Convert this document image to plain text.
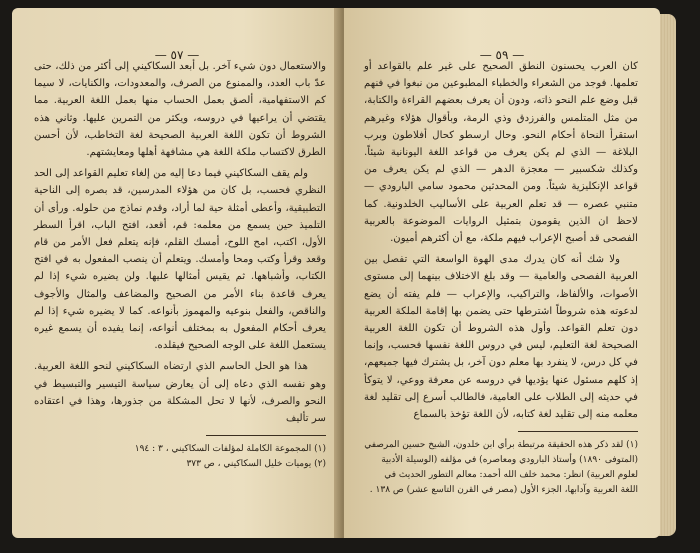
— ٥٧ —

والاستعمال دون شيء آخر. بل أبعد السكاكيني إلى أكثر من ذلك، حتى عدّ باب العدد، والممنوع من الصرف، والمعدودات، والكنايات، لا سيما كم الاستفهامية، ألصق بعمل الحساب منها بعمل اللغة العربية. مما يقتضي أن يراعيها في دروسه، ويكثر من التمرين عليها. وثاني هذه الشروط أن تكون اللغة العربية الصحيحة لغة التخاطب، لأن أحسن الطرق لاكتساب ملكة اللغة هي مشافهة أهلها ومعايشتهم.

ولم يقف السكاكيني فيما دعا إليه من إلغاء تعليم القواعد إلى الحد النظري فحسب، بل كان من هؤلاء المدرسين، قد بصره إلى الناحية التطبيقية، وأعطى أمثلة حية لما أراد، وقدم نماذج من حلوله. ورأى أن التلميذ حين يسمع من معلمه: قم، أقعد، افتح الباب، اقرأ السطر الأول، اكتب، امح اللوح، أمسك القلم، فإنه يتعلم فعل الأمر من قام وقعد وقرأ وكتب ومحا وأمسك. ويتعلم أن ينصب المفعول به في افتح الكتاب، وأشباهها. ثم يقيس أمثالها عليها. ولن يضيره شيء إذا لم يعرف قاعدة بناء الأمر من الصحيح والمضاعف والمثال والأجوف والناقص، والفعل بنوعيه والمهموز بأنواعه. كما لا يضيره شيء إذا لم يعرف أحكام المفعول به بمختلف أنواعه، إنما يفيده أن يسمع غيره يستعمل اللغة على الوجه الصحيح فيقلده.

هذا هو الحل الحاسم الذي ارتضاه السكاكيني لنحو اللغة العربية. وهو نفسه الذي دعاه إلى أن يعارض سياسة التيسير والتبسيط في النحو والصرف، لأنها لا تحل المشكلة من جذورها، وهذا في اعتقاده سر تأليف

(١) المجموعة الكاملة لمؤلفات السكاكيني ، ٣ : ١٩٤
(٢) يوميات خليل السكاكيني ، ص ٣٧٣
— ٥٩ —

كان العرب يحسنون النطق الصحيح على غير علم بالقواعد أو تعلمها. فوجد من الشعراء والخطباء المطبوعين من نبغوا في فنهم قبل وضع علم النحو ذاته، ودون أن يعرف بعضهم القراءة والكتابة، من مثل المتلمس والفرزدق وذي الرمة، وبأقوال هؤلاء وغيرهم استقرأ النحاة أحكام النحو. وحال ارسطو كحال أفلاطون وبرب البلاغة — الذي لم يكن يعرف من قواعد اللغة اليونانية شيئاً. وكذلك شكسبير — معجزة الدهر — الذي لم يكن يعرف من قواعد الإنكليزية شيئاً. ومن المحدثين محمود سامي البارودي — متنبي عصره — قد تعلم العربية على الأساليب الخلدونية. كما لاحظ ان الذين يقومون بتمثيل الروايات الموضوعة بالعربية الفصحى قد أصبح الإعراب فيهم ملكة، مع أن أكثرهم أميون.

ولا شك أنه كان يدرك مدى الهوة الواسعة التي تفصل بين العربية الفصحى والعامية — وقد بلغ الاختلاف بينهما إلى مستوى الأصوات، والألفاظ، والتراكيب، والإعراب — فلم يفته أن يضع لدعوته هذه شروطاً اشترطها حتى يضمن بها إقامة الملكة العربية دون تعلم القواعد. وأول هذه الشروط أن تكون اللغة العربية الصحيحة لغة التعليم، ليس في دروس اللغة نفسها فحسب، وإنما في كل درس، لا ينفرد بها معلم دون آخر، بل يشترك فيها جميعهم، إذ كلهم مسئول عنها يؤديها في دروسه عن معرفة ووعي، لا يتوكأ في حديثه إلى الطلاب على العامية، فالطالب أسرع إلى تقليد لغة معلمه منه إلى تقليد لغة كتابه، لأن اللغة تؤخذ بالسماع

(١) لقد ذكر هذه الحقيقة مرتبطة برأي ابن خلدون، الشيخ حسين المرصفي (المتوفى ١٨٩٠) وأستاذ البارودي ومعاصره) في مؤلفه (الوسيلة الأدبية لعلوم العربية) انظر: محمد خلف الله أحمد: معالم التطور الحديث في اللغة العربية وآدابها، الجزء الأول (مصر في القرن التاسع عشر) ص ١٣٨ .
